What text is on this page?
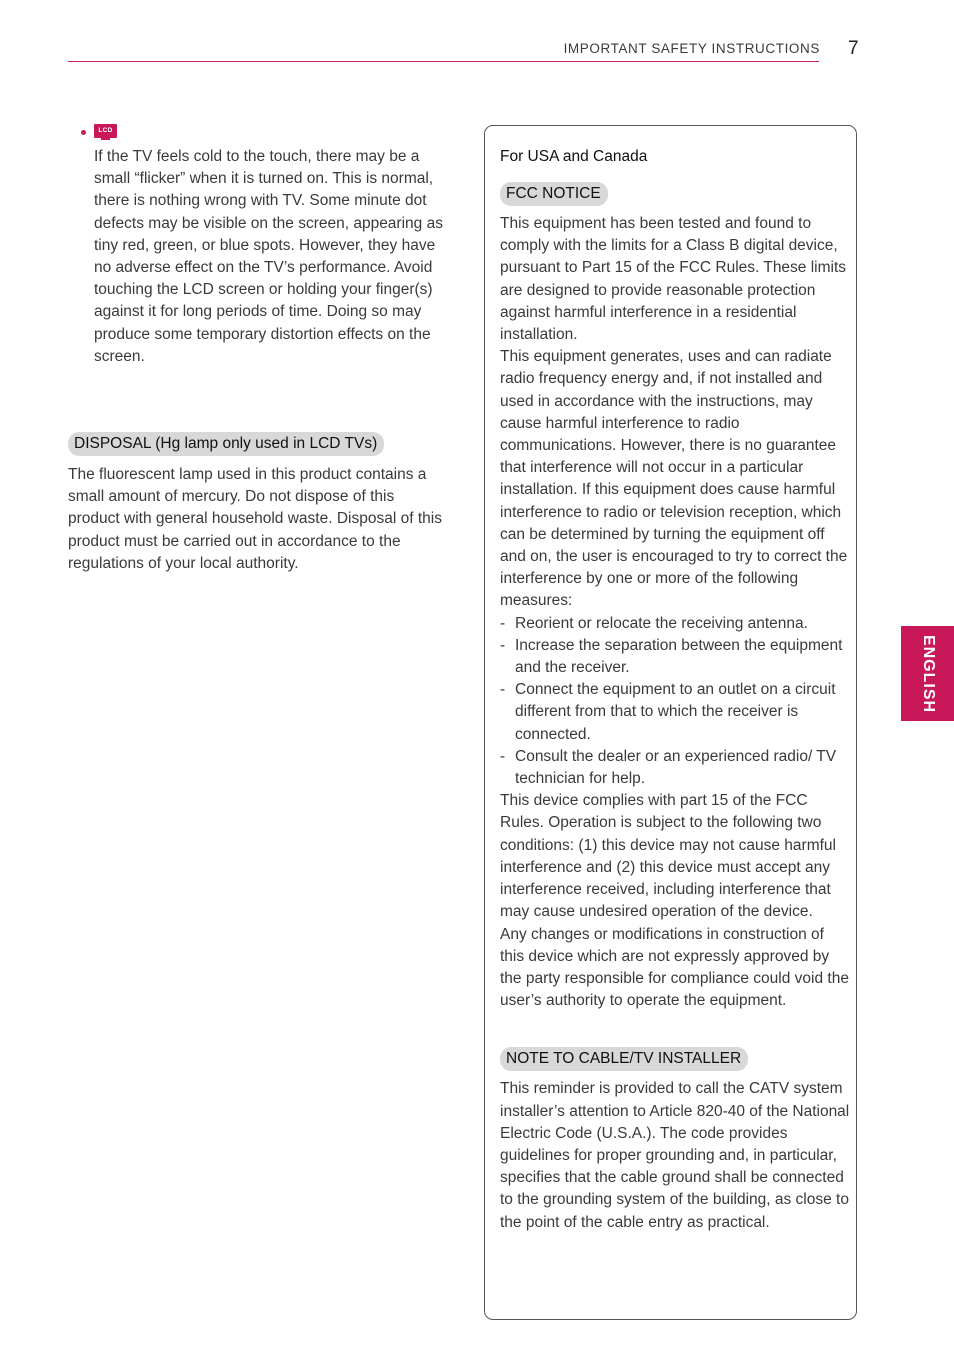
IMPORTANT SAFETY INSTRUCTIONS 7
ENGLISH
LCD

If the TV feels cold to the touch, there may be a small “flicker” when it is turned on. This is normal, there is nothing wrong with TV. Some minute dot defects may be visible on the screen, appearing as tiny red, green, or blue spots. However, they have no adverse effect on the TV’s performance. Avoid touching the LCD screen or holding your finger(s) against it for long periods of time. Doing so may produce some temporary distortion effects on the screen.

DISPOSAL (Hg lamp only used in LCD TVs)

The fluorescent lamp used in this product contains a small amount of mercury. Do not dispose of this product with general household waste. Disposal of this product must be carried out in accordance to the regulations of your local authority.

For USA and Canada

FCC NOTICE

This equipment has been tested and found to comply with the limits for a Class B digital device, pursuant to Part 15 of the FCC Rules. These limits are designed to provide reasonable protection against harmful interference in a residential installation.

This equipment generates, uses and can radiate radio frequency energy and, if not installed and used in accordance with the instructions, may cause harmful interference to radio communications. However, there is no guarantee that interference will not occur in a particular installation. If this equipment does cause harmful interference to radio or television reception, which can be determined by turning the equipment off and on, the user is encouraged to try to correct the interference by one or more of the following measures:

- Reorient or relocate the receiving antenna.
- Increase the separation between the equipment and the receiver.
- Connect the equipment to an outlet on a circuit different from that to which the receiver is connected.
- Consult the dealer or an experienced radio/ TV technician for help.

This device complies with part 15 of the FCC Rules. Operation is subject to the following two conditions: (1) this device may not cause harmful interference and (2) this device must accept any interference received, including interference that may cause undesired operation of the device.

Any changes or modifications in construction of this device which are not expressly approved by the party responsible for compliance could void the user’s authority to operate the equipment.

NOTE TO CABLE/TV INSTALLER

This reminder is provided to call the CATV system installer’s attention to Article 820-40 of the National Electric Code (U.S.A.). The code provides guidelines for proper grounding and, in particular, specifies that the cable ground shall be connected to the grounding system of the building, as close to the point of the cable entry as practical.
